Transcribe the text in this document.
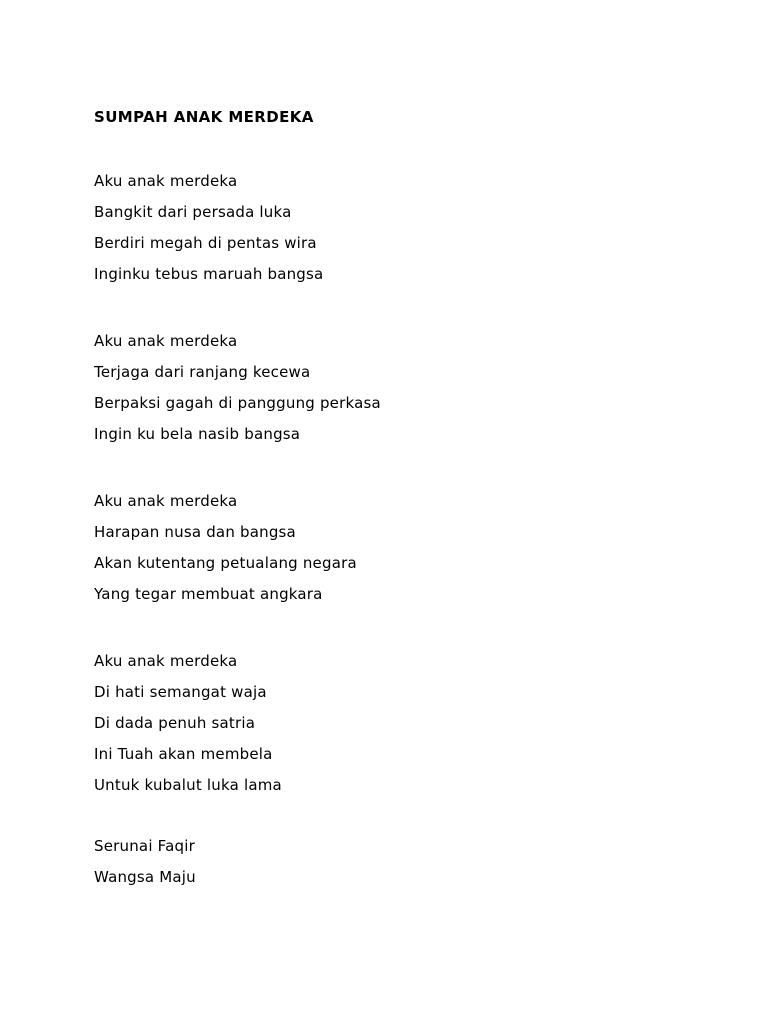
SUMPAH ANAK MERDEKA

Aku anak merdeka

Bangkit dari persada luka

Berdiri megah di pentas wira

Inginku tebus maruah bangsa

Aku anak merdeka

Terjaga dari ranjang kecewa

Berpaksi gagah di panggung perkasa

Ingin ku bela nasib bangsa

Aku anak merdeka

Harapan nusa dan bangsa

Akan kutentang petualang negara

Yang tegar membuat angkara

Aku anak merdeka

Di hati semangat waja

Di dada penuh satria

Ini Tuah akan membela

Untuk kubalut luka lama

Serunai Faqir

Wangsa Maju
